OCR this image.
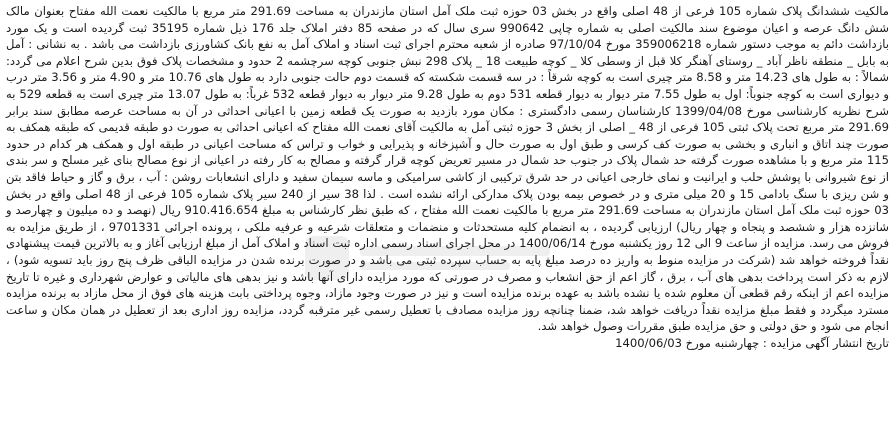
مالکیت ششدانگ پلاک شماره 105 فرعی از 48 اصلی واقع در بخش 03 حوزه ثبت ملک آمل استان مازندران به مساحت 291.69 متر مربع با مالکیت نعمت الله مفتاح بعنوان مالک شش دانگ عرصه و اعیان موضوع سند مالکیت اصلی به شماره چاپی 990642 سری سال که در صفحه 85 دفتر املاک جلد 176 ذیل شماره 35195 ثبت گردیده است و یک مورد بازداشت دائم به موجب دستور شماره 359006218 مورخ 97/10/04 صادره از شعبه محترم اجرای ثبت اسناد و املاک آمل به نفع بانک کشاورزی بازداشت می باشد . به نشانی : آمل به بابل _ منطقه ناظر آباد _ روستای آهنگر کلا قبل از وسطی کلا _ کوچه طبیعت 18 _ پلاک 298 نبش جنوبی کوچه سرچشمه 2 حدود و مشخصات پلاک فوق بدین شرح اعلام می گردد: شمالاً : به طول های 14.23 متر و 8.58 متر چیری است به کوچه شرقاً : در سه قسمت شکسته که قسمت دوم حالت جنوبی دارد به طول های 10.76 متر و 4.90 متر و 3.56 متر درب و دیواری است به کوچه جنوباً: اول به طول 7.55 متر دیوار به دیوار قطعه 531 دوم به طول 9.28 متر دیوار به دیوار قطعه 532 غرباً: به طول 13.07 متر چیری است به قطعه 529 به شرح نظریه کارشناسی مورخ 1399/04/08 کارشناسان رسمی دادگستری : مکان مورد بازدید به صورت یک قطعه زمین با اعیانی احداثی در آن به مساحت عرصه مطابق سند برابر 291.69 متر مربع تحت پلاک ثبتی 105 فرعی از 48 _ اصلی از بخش 3 حوزه ثبتی آمل به مالکیت آقای نعمت الله مفتاح که اعیانی احداثی به صورت دو طبقه قدیمی که طبقه همکف به صورت چند اتاق و انباری و بخشی به صورت کف کرسی و طبق اول به صورت حال و آشپزخانه و پذیرایی و خواب و تراس که مساحت اعیانی در طبقه اول و همکف هر کدام در حدود 115 متر مربع و با مشاهده صورت گرفته حد شمال پلاک در جنوب حد شمال در مسیر تعریض کوچه قرار گرفته و مصالح به کار رفته در اعیانی از نوع مصالح بنای غیر مسلح و سر بندی از نوع شیروانی با پوشش حلب و ایرانیت و نمای خارجی اعیانی در حد شرق ترکیبی از کاشی سرامیکی و ماسه سیمان سفید و دارای انشعابات روشن : آب ، برق و گاز و حیاط فاقد بتن و شن ریزی با سنگ بادامی 15 و 20 میلی متری و در خصوص بیمه بودن پلاک مدارکی ارائه نشده است . لذا 38 سیر از 240 سیر پلاک شماره 105 فرعی از 48 اصلی واقع در بخش 03 حوزه ثبت ملک آمل استان مازندران به مساحت 291.69 متر مربع با مالکیت نعمت الله مفتاح ، که طبق نظر کارشناس به مبلغ 910.416.654 ریال (نهصد و ده میلیون و چهارصد و شانزده هزار و ششصد و پنجاه و چهار ریال) ارزیابی گردیده ، به انضمام کلیه مستحدثات و منضمات و متعلقات شرعیه و عرفیه ملکی ، پرونده اجرائی 9701331 ، از طریق مزایده به فروش می رسد. مزایده از ساعت 9 الی 12 روز یکشنبه مورخ 1400/06/14 در محل اجرای اسناد رسمی اداره ثبت اسناد و املاک آمل از مبلغ ارزیابی آغاز و به بالاترین قیمت پیشنهادی نقداً فروخته خواهد شد (شرکت در مزایده منوط به واریز ده درصد مبلغ پایه به حساب سپرده ثبتی می باشد و در صورت برنده شدن در مزایده الباقی ظرف پنج روز باید تسویه شود) ، لازم به ذکر است پرداخت بدهی های آب ، برق ، گاز اعم از حق انشعاب و مصرف در صورتی که مورد مزایده دارای آنها باشد و نیز بدهی های مالیاتی و عوارض شهرداری و غیره تا تاریخ مزایده اعم از اینکه رقم قطعی آن معلوم شده یا نشده باشد به عهده برنده مزایده است و نیز در صورت وجود مازاد، وجوه پرداختی بابت هزینه های فوق از محل مازاد به برنده مزایده مسترد میگردد و فقط مبلغ مزایده نقداً دریافت خواهد شد، ضمنا چنانچه روز مزایده مصادف با تعطیل رسمی غیر مترقبه گردد، مزایده روز اداری بعد از تعطیل در همان مکان و ساعت انجام می شود و حق دولتی و حق مزایده طبق مقررات وصول خواهد شد.

تاریخ انتشار آگهی مزایده : چهارشنبه مورخ 1400/06/03
